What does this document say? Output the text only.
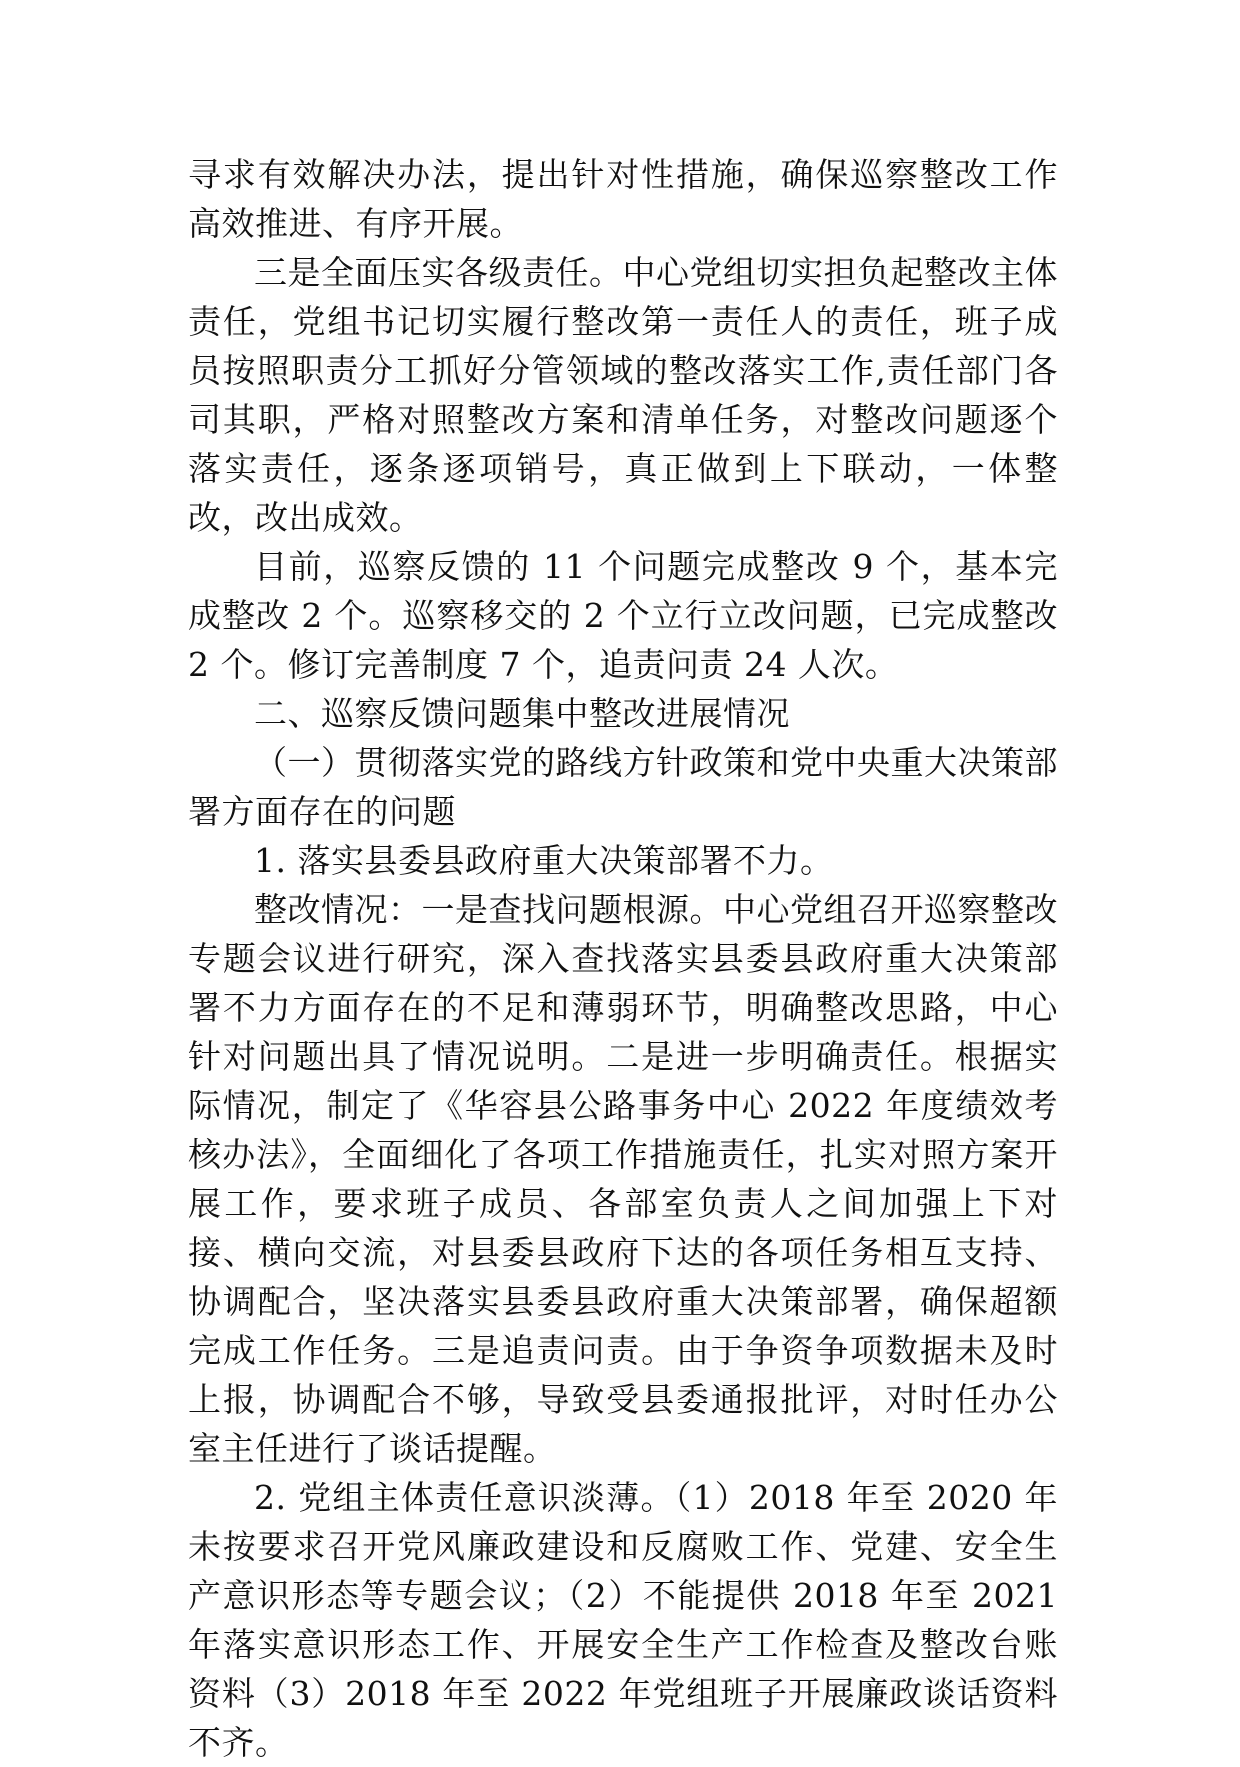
寻求有效解决办法，提出针对性措施，确保巡察整改工作高效推进、有序开展。

三是全面压实各级责任。中心党组切实担负起整改主体责任，党组书记切实履行整改第一责任人的责任，班子成员按照职责分工抓好分管领域的整改落实工作,责任部门各司其职，严格对照整改方案和清单任务，对整改问题逐个落实责任，逐条逐项销号，真正做到上下联动，一体整改，改出成效。

目前，巡察反馈的 11 个问题完成整改 9 个，基本完成整改 2 个。巡察移交的 2 个立行立改问题，已完成整改 2 个。修订完善制度 7 个，追责问责 24 人次。

二、巡察反馈问题集中整改进展情况

（一）贯彻落实党的路线方针政策和党中央重大决策部署方面存在的问题

1. 落实县委县政府重大决策部署不力。

整改情况：一是查找问题根源。中心党组召开巡察整改专题会议进行研究，深入查找落实县委县政府重大决策部署不力方面存在的不足和薄弱环节，明确整改思路，中心针对问题出具了情况说明。二是进一步明确责任。根据实际情况，制定了《华容县公路事务中心 2022 年度绩效考核办法》，全面细化了各项工作措施责任，扎实对照方案开展工作，要求班子成员、各部室负责人之间加强上下对接、横向交流，对县委县政府下达的各项任务相互支持、协调配合，坚决落实县委县政府重大决策部署，确保超额完成工作任务。三是追责问责。由于争资争项数据未及时上报，协调配合不够，导致受县委通报批评，对时任办公室主任进行了谈话提醒。

2. 党组主体责任意识淡薄。（1）2018 年至 2020 年未按要求召开党风廉政建设和反腐败工作、党建、安全生产意识形态等专题会议；（2）不能提供 2018 年至 2021 年落实意识形态工作、开展安全生产工作检查及整改台账资料（3）2018 年至 2022 年党组班子开展廉政谈话资料不齐。
